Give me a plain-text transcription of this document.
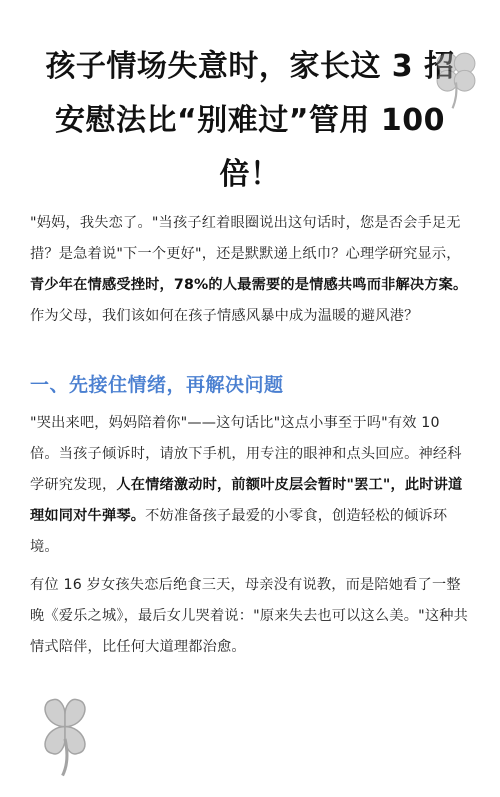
孩子情场失意时，家长这 3 招
安慰法比“别难过”管用 100
倍！

"妈妈，我失恋了。"当孩子红着眼圈说出这句话时，您是否会手足无措？是急着说"下一个更好"，还是默默递上纸巾？心理学研究显示，青少年在情感受挫时，78%的人最需要的是情感共鸣而非解决方案。作为父母，我们该如何在孩子情感风暴中成为温暖的避风港？

一、先接住情绪，再解决问题

"哭出来吧，妈妈陪着你"——这句话比"这点小事至于吗"有效 10 倍。当孩子倾诉时，请放下手机，用专注的眼神和点头回应。神经科学研究发现，人在情绪激动时，前额叶皮层会暂时"罢工"，此时讲道理如同对牛弹琴。不妨准备孩子最爱的小零食，创造轻松的倾诉环境。

有位 16 岁女孩失恋后绝食三天，母亲没有说教，而是陪她看了一整晚《爱乐之城》，最后女儿哭着说："原来失去也可以这么美。"这种共情式陪伴，比任何大道理都治愈。
